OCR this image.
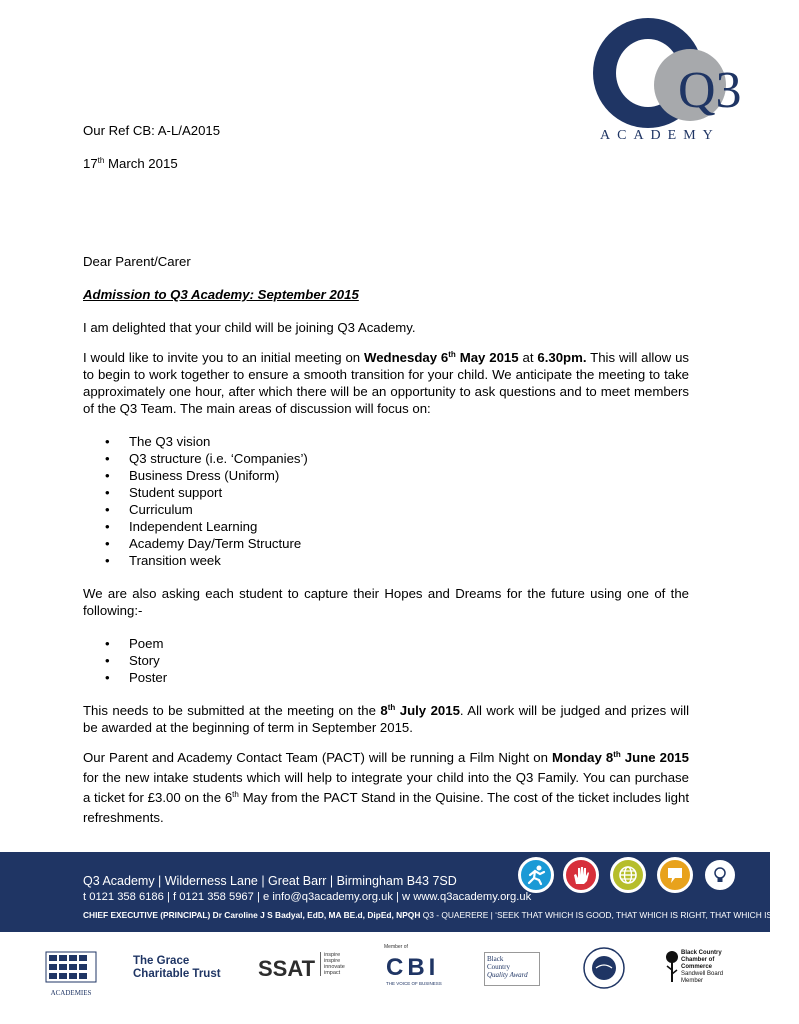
Q3
ACADEMY
Our Ref CB: A-L/A2015
17th March 2015
Dear Parent/Carer
Admission to Q3 Academy: September 2015
I am delighted that your child will be joining Q3 Academy.
I would like to invite you to an initial meeting on Wednesday 6th May 2015 at 6.30pm. This will allow us to begin to work together to ensure a smooth transition for your child. We anticipate the meeting to take approximately one hour, after which there will be an opportunity to ask questions and to meet members of the Q3 Team. The main areas of discussion will focus on:
• The Q3 vision
• Q3 structure (i.e. ‘Companies’)
• Business Dress (Uniform)
• Student support
• Curriculum
• Independent Learning
• Academy Day/Term Structure
• Transition week
We are also asking each student to capture their Hopes and Dreams for the future using one of the following:-
• Poem
• Story
• Poster
This needs to be submitted at the meeting on the 8th July 2015. All work will be judged and prizes will be awarded at the beginning of term in September 2015.
Our Parent and Academy Contact Team (PACT) will be running a Film Night on Monday 8th June 2015 for the new intake students which will help to integrate your child into the Q3 Family. You can purchase a ticket for £3.00 on the 6th May from the PACT Stand in the Quisine. The cost of the ticket includes light refreshments.
Q3 Academy | Wilderness Lane | Great Barr | Birmingham B43 7SD
t 0121 358 6186 | f 0121 358 5967 | e info@q3academy.org.uk | w www.q3academy.org.uk
CHIEF EXECUTIVE (PRINCIPAL) Dr Caroline J S Badyal, EdD, MA BE.d, DipEd, NPQH Q3 - QUAERERE | ‘SEEK THAT WHICH IS GOOD, THAT WHICH IS RIGHT, THAT WHICH IS TRUE’
ACADEMIES
The Grace
Charitable Trust SSAT
inspire
inspire
innovate
impact
Member of
CBI
THE VOICE OF BUSINESS
Black
Country
Quality Award
Black Country
Chamber of
Commerce
Sandwell Board
Member
